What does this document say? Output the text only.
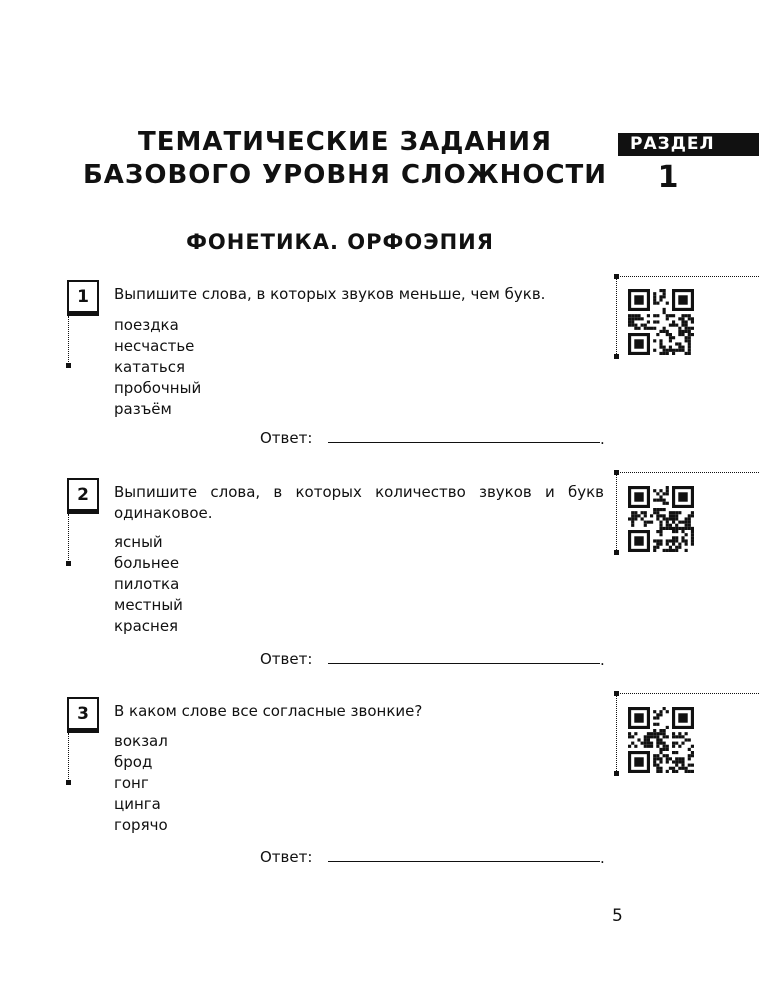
ТЕМАТИЧЕСКИЕ ЗАДАНИЯ
БАЗОВОГО УРОВНЯ СЛОЖНОСТИ
РАЗДЕЛ
1
ФОНЕТИКА. ОРФОЭПИЯ
1	Выпишите слова, в которых звуков меньше, чем букв.
поездка
несчастье
кататься
пробочный
разъём
Ответ:	.
2	Выпишите слова, в которых количество звуков и букв одинаковое.
ясный
больнее
пилотка
местный
краснея
Ответ:	.
3	В каком слове все согласные звонкие?
вокзал
брод
гонг
цинга
горячо
Ответ:	.
5
